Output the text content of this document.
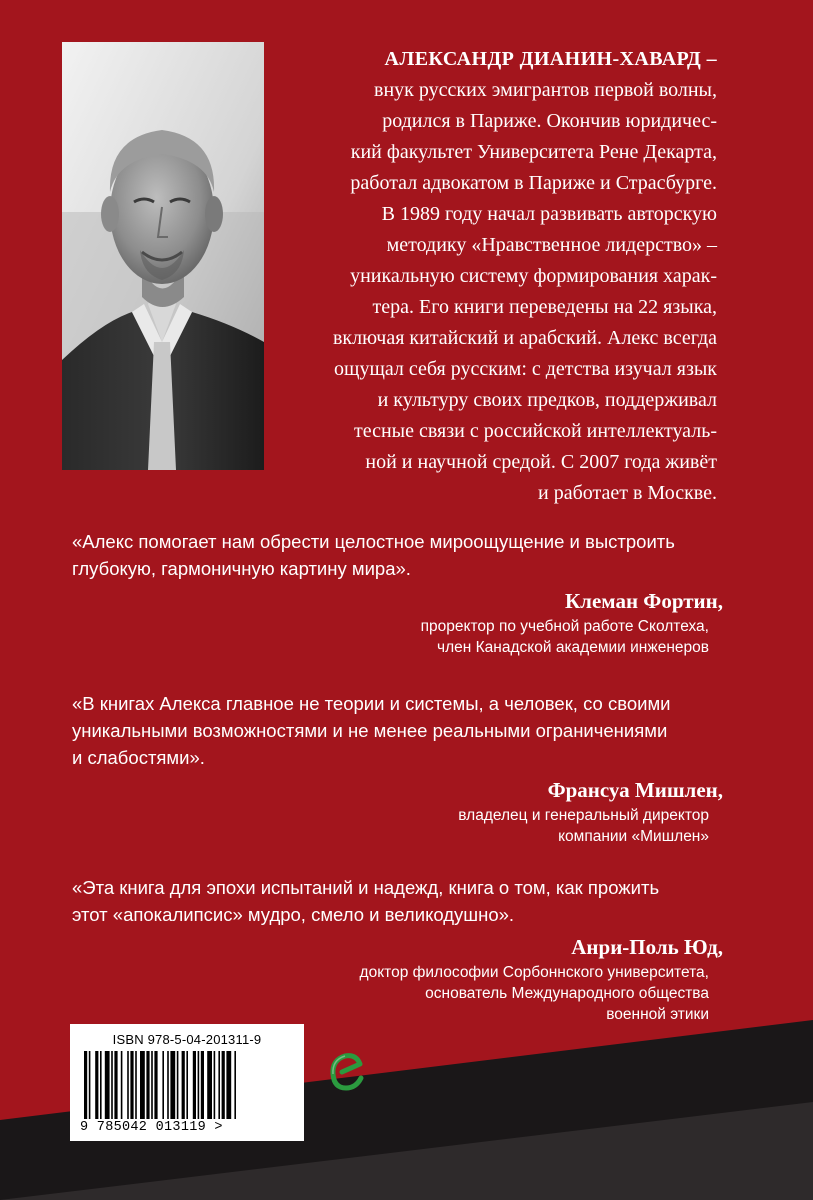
АЛЕКСАНДР ДИАНИН-ХАВАРД –
внук русских эмигрантов первой волны,
родился в Париже. Окончив юридичес-
кий факультет Университета Рене Декарта,
работал адвокатом в Париже и Страсбурге.
В 1989 году начал развивать авторскую
методику «Нравственное лидерство» –
уникальную систему формирования харак-
тера. Его книги переведены на 22 языка,
включая китайский и арабский. Алекс всегда
ощущал себя русским: с детства изучал язык
и культуру своих предков, поддерживал
тесные связи с российской интеллектуаль-
ной и научной средой. С 2007 года живёт
и работает в Москве.
«Алекс помогает нам обрести целостное мироощущение и выстроить
глубокую, гармоничную картину мира».
Клеман Фортин,
проректор по учебной работе Сколтеха,
член Канадской академии инженеров
«В книгах Алекса главное не теории и системы, а человек, со своими
уникальными возможностями и не менее реальными ограничениями
и слабостями».
Франсуа Мишлен,
владелец и генеральный директор
компании «Мишлен»
«Эта книга для эпохи испытаний и надежд, книга о том, как прожить
этот «апокалипсис» мудро, смело и великодушно».
Анри-Поль Юд,
доктор философии Сорбоннского университета,
основатель Международного общества
военной этики
ISBN 978-5-04-201311-9
9 785042 013119 >
